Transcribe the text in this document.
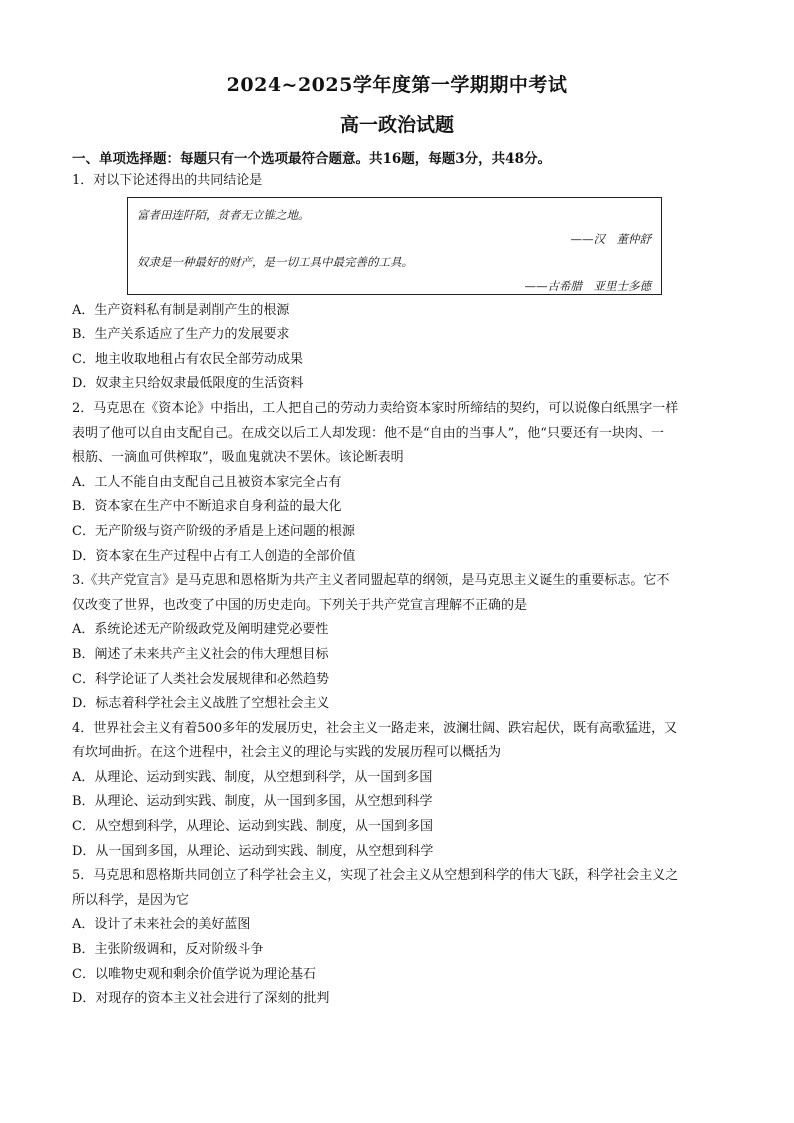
2024~2025学年度第一学期期中考试
高一政治试题
一、单项选择题：每题只有一个选项最符合题意。共16题，每题3分，共48分。
1．对以下论述得出的共同结论是
富者田连阡陌，贫者无立锥之地。
——汉　董仲舒
奴隶是一种最好的财产，是一切工具中最完善的工具。
——古希腊　亚里士多德
A．生产资料私有制是剥削产生的根源
B．生产关系适应了生产力的发展要求
C．地主收取地租占有农民全部劳动成果
D．奴隶主只给奴隶最低限度的生活资料
2．马克思在《资本论》中指出，工人把自己的劳动力卖给资本家时所缔结的契约，可以说像白纸黑字一样
表明了他可以自由支配自己。在成交以后工人却发现：他不是“自由的当事人”，他“只要还有一块肉、一
根筋、一滴血可供榨取”，吸血鬼就决不罢休。该论断表明
A．工人不能自由支配自己且被资本家完全占有
B．资本家在生产中不断追求自身利益的最大化
C．无产阶级与资产阶级的矛盾是上述问题的根源
D．资本家在生产过程中占有工人创造的全部价值
3.《共产党宣言》是马克思和恩格斯为共产主义者同盟起草的纲领，是马克思主义诞生的重要标志。它不
仅改变了世界，也改变了中国的历史走向。下列关于共产党宣言理解不正确的是
A．系统论述无产阶级政党及阐明建党必要性
B．阐述了未来共产主义社会的伟大理想目标
C．科学论证了人类社会发展规律和必然趋势
D．标志着科学社会主义战胜了空想社会主义
4．世界社会主义有着500多年的发展历史，社会主义一路走来，波澜壮阔、跌宕起伏，既有高歌猛进，又
有坎坷曲折。在这个进程中，社会主义的理论与实践的发展历程可以概括为
A．从理论、运动到实践、制度，从空想到科学，从一国到多国
B．从理论、运动到实践、制度，从一国到多国，从空想到科学
C．从空想到科学，从理论、运动到实践、制度，从一国到多国
D．从一国到多国，从理论、运动到实践、制度，从空想到科学
5．马克思和恩格斯共同创立了科学社会主义，实现了社会主义从空想到科学的伟大飞跃，科学社会主义之
所以科学，是因为它
A．设计了未来社会的美好蓝图
B．主张阶级调和，反对阶级斗争
C．以唯物史观和剩余价值学说为理论基石
D．对现存的资本主义社会进行了深刻的批判
